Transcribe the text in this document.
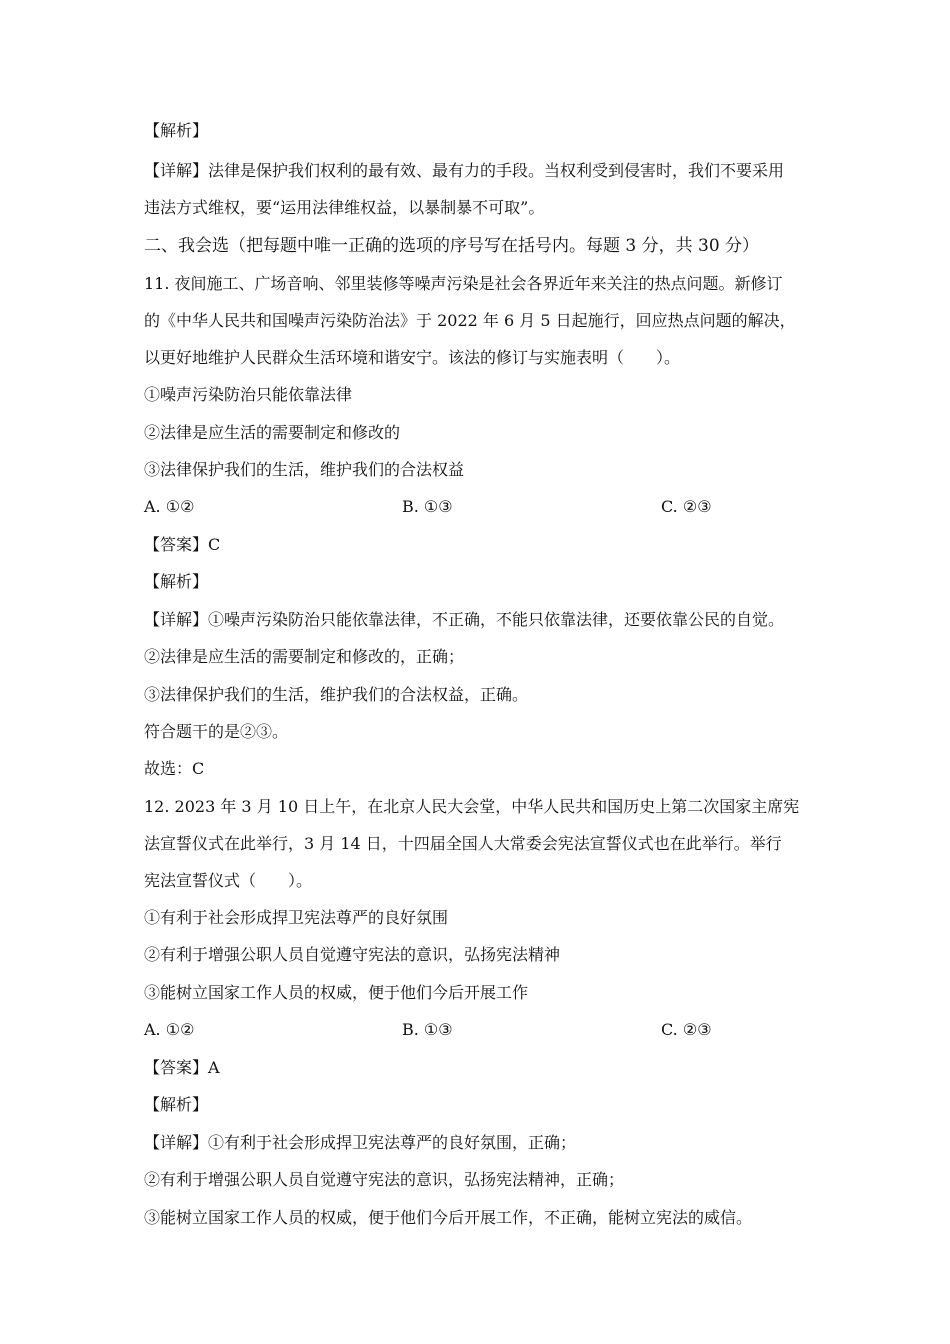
【解析】
【详解】法律是保护我们权利的最有效、最有力的手段。当权利受到侵害时，我们不要采用
违法方式维权，要“运用法律维权益，以暴制暴不可取”。
二、我会选（把每题中唯一正确的选项的序号写在括号内。每题 3 分，共 30 分）
11. 夜间施工、广场音响、邻里装修等噪声污染是社会各界近年来关注的热点问题。新修订
的《中华人民共和国噪声污染防治法》于 2022 年 6 月 5 日起施行，回应热点问题的解决，
以更好地维护人民群众生活环境和谐安宁。该法的修订与实施表明（　　）。
①噪声污染防治只能依靠法律
②法律是应生活的需要制定和修改的
③法律保护我们的生活，维护我们的合法权益
A. ①②	B. ①③	C. ②③
【答案】C
【解析】
【详解】①噪声污染防治只能依靠法律，不正确，不能只依靠法律，还要依靠公民的自觉。
②法律是应生活的需要制定和修改的，正确；
③法律保护我们的生活，维护我们的合法权益，正确。
符合题干的是②③。
故选：C
12. 2023 年 3 月 10 日上午，在北京人民大会堂，中华人民共和国历史上第二次国家主席宪
法宣誓仪式在此举行，3 月 14 日，十四届全国人大常委会宪法宣誓仪式也在此举行。举行
宪法宣誓仪式（　　）。
①有利于社会形成捍卫宪法尊严的良好氛围
②有利于增强公职人员自觉遵守宪法的意识，弘扬宪法精神
③能树立国家工作人员的权威，便于他们今后开展工作
A. ①②	B. ①③	C. ②③
【答案】A
【解析】
【详解】①有利于社会形成捍卫宪法尊严的良好氛围，正确；
②有利于增强公职人员自觉遵守宪法的意识，弘扬宪法精神，正确；
③能树立国家工作人员的权威，便于他们今后开展工作，不正确，能树立宪法的威信。
